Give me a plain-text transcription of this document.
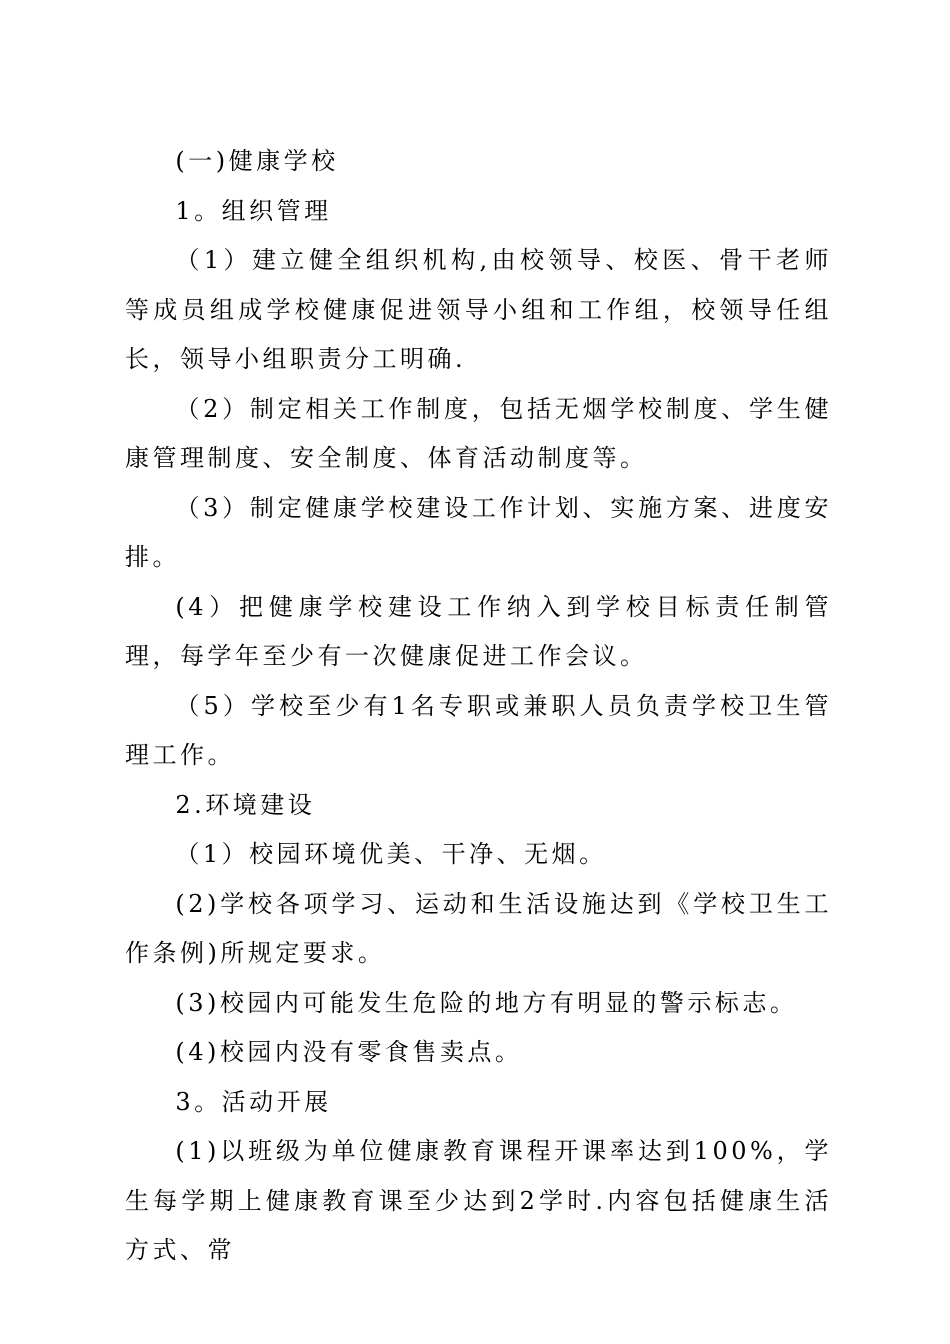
(一)健康学校

1。组织管理

（1）建立健全组织机构,由校领导、校医、骨干老师等成员组成学校健康促进领导小组和工作组，校领导任组长，领导小组职责分工明确.

（2）制定相关工作制度，包括无烟学校制度、学生健康管理制度、安全制度、体育活动制度等。

（3）制定健康学校建设工作计划、实施方案、进度安排。

(4）把健康学校建设工作纳入到学校目标责任制管理，每学年至少有一次健康促进工作会议。

（5）学校至少有1名专职或兼职人员负责学校卫生管理工作。

2.环境建设

（1）校园环境优美、干净、无烟。

(2)学校各项学习、运动和生活设施达到《学校卫生工作条例)所规定要求。

(3)校园内可能发生危险的地方有明显的警示标志。

(4)校园内没有零食售卖点。

3。活动开展

(1)以班级为单位健康教育课程开课率达到100%，学生每学期上健康教育课至少达到2学时.内容包括健康生活方式、常
